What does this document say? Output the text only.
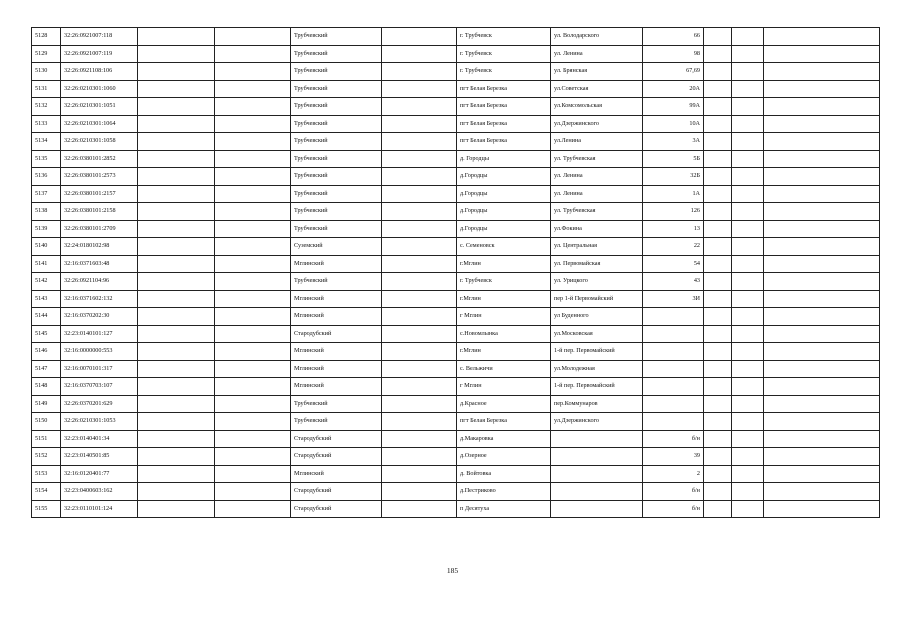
5128	32:26:0921007:118			Трубчевский		г. Трубчевск	ул. Володарского	66			
5129	32:26:0921007:119			Трубчевский		г. Трубчевск	ул. Ленина	98			
5130	32:26:0921108:106			Трубчевский		г. Трубчевск	ул. Брянская	67,69			
5131	32:26:0210301:1060			Трубчевский		пгт Белая Березка	ул.Советская	20А			
5132	32:26:0210301:1051			Трубчевский		пгт Белая Березка	ул.Комсомольская	99А			
5133	32:26:0210301:1064			Трубчевский		пгт Белая Березка	ул.Дзержинского	10А			
5134	32:26:0210301:1058			Трубчевский		пгт Белая Березка	ул.Ленина	3А			
5135	32:26:0380101:2852			Трубчевский		д. Городцы	ул. Трубчевская	5Б			
5136	32:26:0380101:2573			Трубчевский		д.Городцы	ул. Ленина	32Б			
5137	32:26:0380101:2157			Трубчевский		д.Городцы	ул. Ленина	1А			
5138	32:26:0380101:2158			Трубчевский		д.Городцы	ул. Трубчевская	126			
5139	32:26:0380101:2709			Трубчевский		д.Городцы	ул.Фокина	13			
5140	32:24:0180102:98			Суземский		с. Семеновск	ул. Центральная	22			
5141	32:16:0371603:48			Мглинский		г.Мглин	ул. Первомайская	54			
5142	32:26:0921104:96			Трубчевский		г. Трубчевск	ул. Урицкого	43			
5143	32:16:0371602:132			Мглинский		г.Мглин	пер 1-й Первомайский	3И			
5144	32:16:0370202:30			Мглинский		г Мглин	ул Буденного				
5145	32:23:0140101:127			Стародубский		с.Новомлынка	ул.Московская				
5146	32:16:0000000:553			Мглинский		г.Мглин	1-й пер. Первомайский				
5147	32:16:0070101:317			Мглинский		с. Вельжичи	ул.Молодежная				
5148	32:16:0370703:107			Мглинский		г Мглин	1-й пер. Первомайский				
5149	32:26:0370201:629			Трубчевский		д.Красное	пер.Коммунаров				
5150	32:26:0210301:1053			Трубчевский		пгт Белая Березка	ул.Дзержинского				
5151	32:23:0140401:34			Стародубский		д.Макаровка		б/н			
5152	32:23:0140501:85			Стародубский		д.Озерное		39			
5153	32:16:0120401:77			Мглинский		д. Войтовка		2			
5154	32:23:0400603:162			Стародубский		д.Пестриково		б/н			
5155	32:23:0110101:124			Стародубский		п Десятуха		б/н			
185
